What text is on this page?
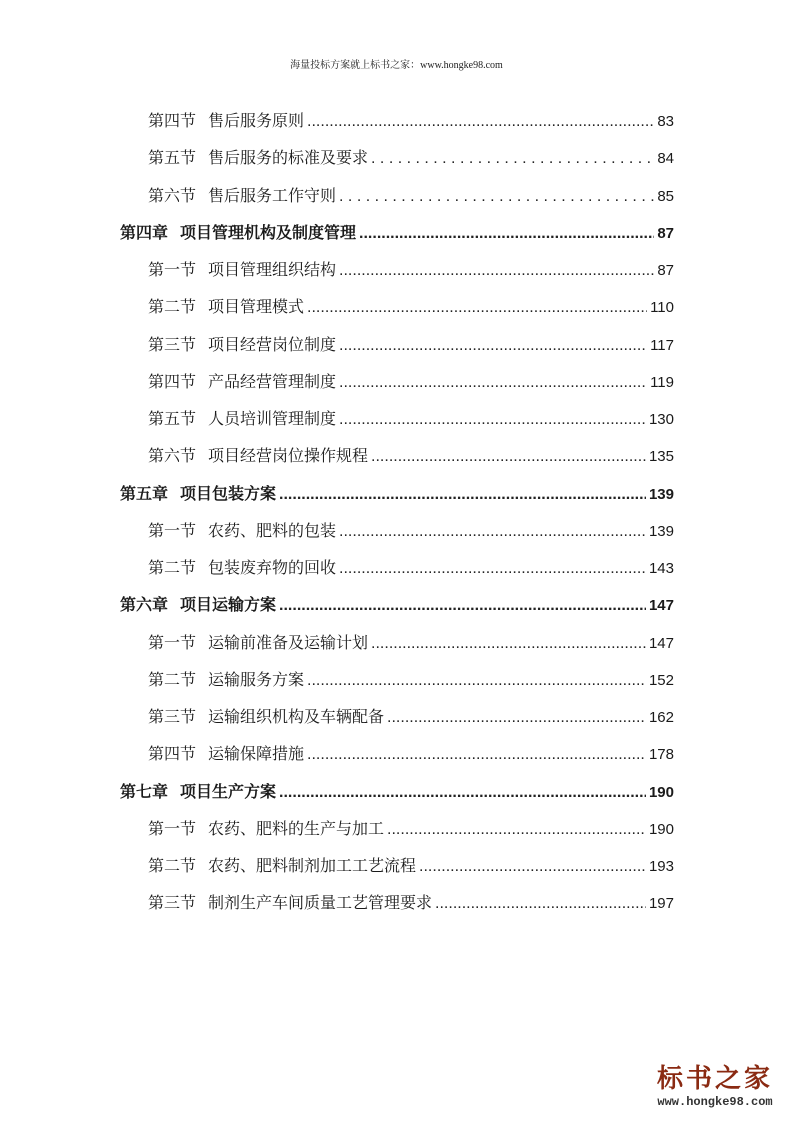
海量投标方案就上标书之家：www.hongke98.com
第四节 售后服务原则 .....	83
第五节 售后服务的标准及要求 . . .	84
第六节 售后服务工作守则 . . .	85
第四章 项目管理机构及制度管理 .....	87
第一节 项目管理组织结构 .....	87
第二节 项目管理模式 .....	110
第三节 项目经营岗位制度 .....	117
第四节 产品经营管理制度 .....	119
第五节 人员培训管理制度 .....	130
第六节 项目经营岗位操作规程 .....	135
第五章 项目包装方案 .....	139
第一节 农药、肥料的包装 .....	139
第二节 包装废弃物的回收 .....	143
第六章 项目运输方案 .....	147
第一节 运输前准备及运输计划 .....	147
第二节 运输服务方案 .....	152
第三节 运输组织机构及车辆配备 .....	162
第四节 运输保障措施 .....	178
第七章 项目生产方案 .....	190
第一节 农药、肥料的生产与加工 .....	190
第二节 农药、肥料制剂加工工艺流程 .....	193
第三节 制剂生产车间质量工艺管理要求 .....	197
标书之家
www.hongke98.com
